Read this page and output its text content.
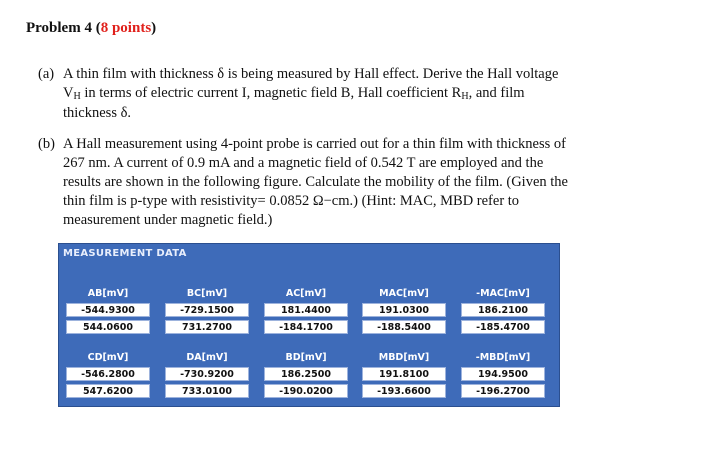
Problem 4 (8 points)
(a) A thin film with thickness δ is being measured by Hall effect. Derive the Hall voltage
$V_H$ in terms of electric current I, magnetic field B, Hall coefficient $R_H$, and film
thickness δ.
(b) A Hall measurement using 4-point probe is carried out for a thin film with thickness of
267 nm. A current of 0.9 mA and a magnetic field of 0.542 T are employed and the
results are shown in the following figure. Calculate the mobility of the film. (Given the
thin film is p-type with resistivity= 0.0852 Ω−cm.) (Hint: MAC, MBD refer to
measurement under magnetic field.)
MEASUREMENT DATA
AB[mV]
-544.9300
544.0600
BC[mV]
-729.1500
731.2700
AC[mV]
181.4400
-184.1700
MAC[mV]
191.0300
-188.5400
-MAC[mV]
186.2100
-185.4700
CD[mV]
-546.2800
547.6200
DA[mV]
-730.9200
733.0100
BD[mV]
186.2500
-190.0200
MBD[mV]
191.8100
-193.6600
-MBD[mV]
194.9500
-196.2700
